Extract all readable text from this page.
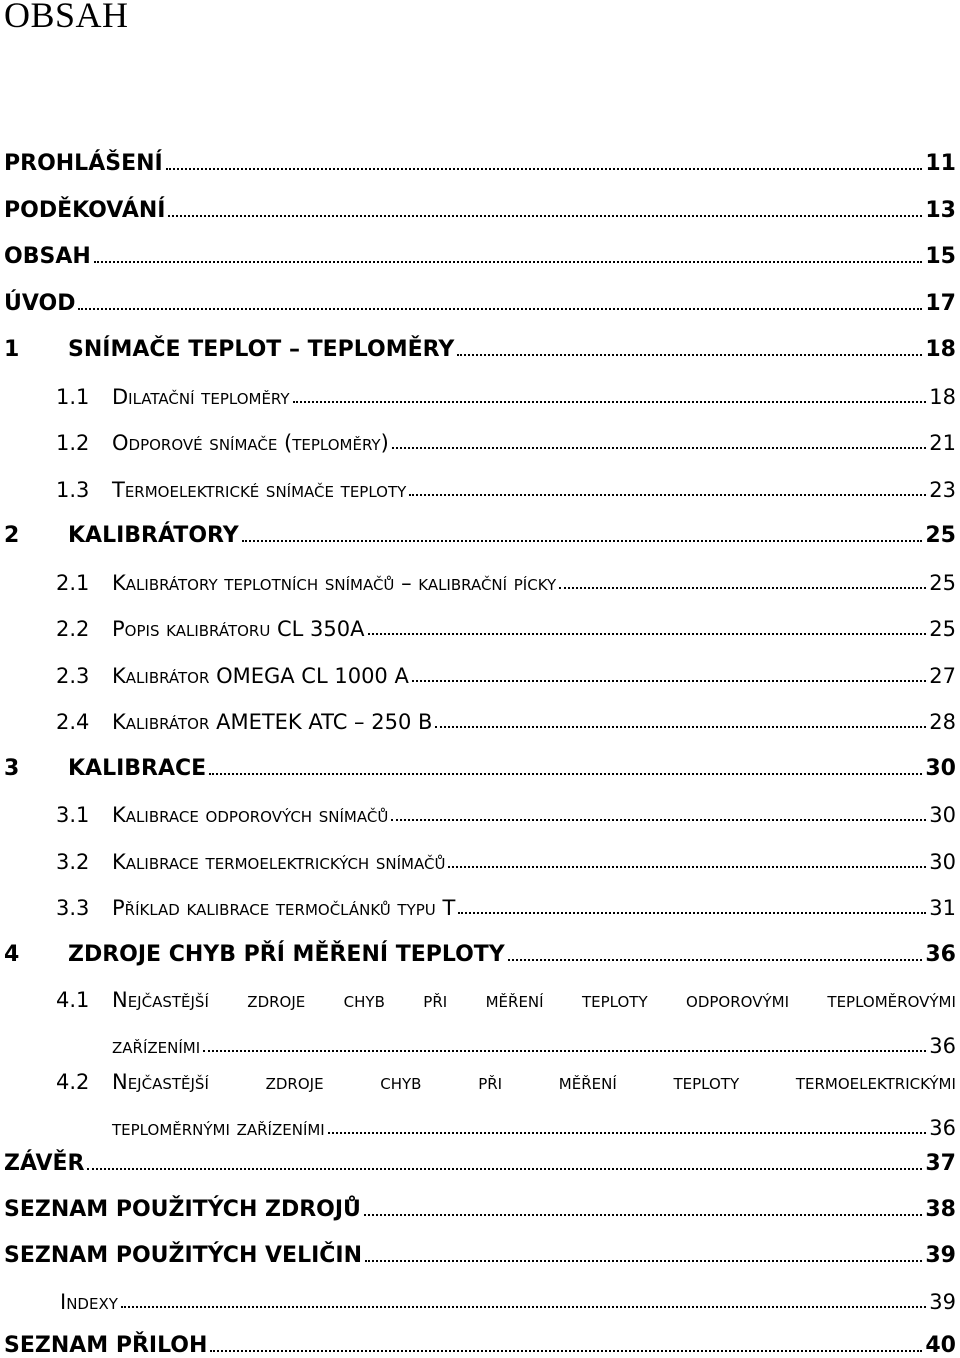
OBSAH
PROHLÁŠENÍ	11
PODĚKOVÁNÍ	13
OBSAH	15
ÚVOD	17
1	SNÍMAČE TEPLOT – TEPLOMĚRY	18
1.1	Dilatační teploměry	18
1.2	Odporové snímače (teploměry)	21
1.3	Termoelektrické snímače teploty	23
2	KALIBRÁTORY	25
2.1	Kalibrátory teplotních snímačů – kalibrační pícky	25
2.2	Popis kalibrátoru CL 350A	25
2.3	Kalibrátor OMEGA CL 1000 A	27
2.4	Kalibrátor AMETEK ATC – 250 B	28
3	KALIBRACE	30
3.1	Kalibrace odporových snímačů	30
3.2	Kalibrace termoelektrických snímačů	30
3.3	Příklad kalibrace termočlánků typu T	31
4	ZDROJE CHYB PŘÍ MĚŘENÍ TEPLOTY	36
4.1	Nejčastější zdroje chyb při měření teploty odporovými teploměrovými
zařízeními	36
4.2	Nejčastější	zdroje	chyb	při	měření	teploty	termoelektrickými
teploměrnými zařízeními	36
ZÁVĚR	37
SEZNAM POUŽITÝCH ZDROJŮ	38
SEZNAM POUŽITÝCH VELIČIN	39
Indexy	39
SEZNAM PŘILOH	40
